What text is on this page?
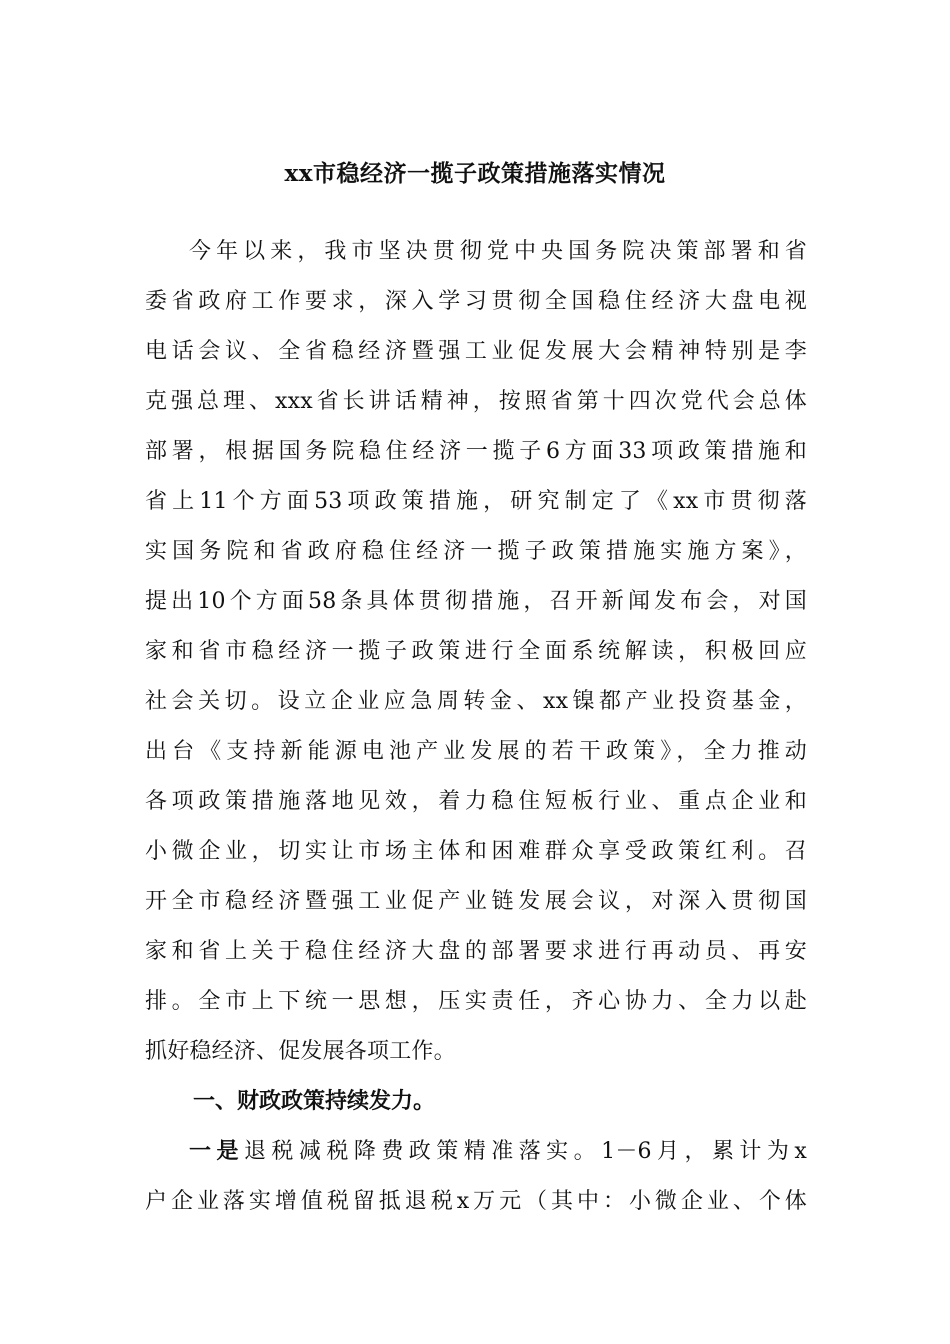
xx市稳经济一揽子政策措施落实情况
今年以来，我市坚决贯彻党中央国务院决策部署和省
委省政府工作要求，深入学习贯彻全国稳住经济大盘电视
电话会议、全省稳经济暨强工业促发展大会精神特别是李
克强总理、xxx省长讲话精神，按照省第十四次党代会总体
部署，根据国务院稳住经济一揽子6方面33项政策措施和
省上11个方面53项政策措施，研究制定了《xx市贯彻落
实国务院和省政府稳住经济一揽子政策措施实施方案》，
提出10个方面58条具体贯彻措施，召开新闻发布会，对国
家和省市稳经济一揽子政策进行全面系统解读，积极回应
社会关切。设立企业应急周转金、xx镍都产业投资基金，
出台《支持新能源电池产业发展的若干政策》，全力推动
各项政策措施落地见效，着力稳住短板行业、重点企业和
小微企业，切实让市场主体和困难群众享受政策红利。召
开全市稳经济暨强工业促产业链发展会议，对深入贯彻国
家和省上关于稳住经济大盘的部署要求进行再动员、再安
排。全市上下统一思想，压实责任，齐心协力、全力以赴
抓好稳经济、促发展各项工作。
一、财政政策持续发力。
一是退税减税降费政策精准落实。1－6月，累计为x
户企业落实增值税留抵退税x万元（其中：小微企业、个体
